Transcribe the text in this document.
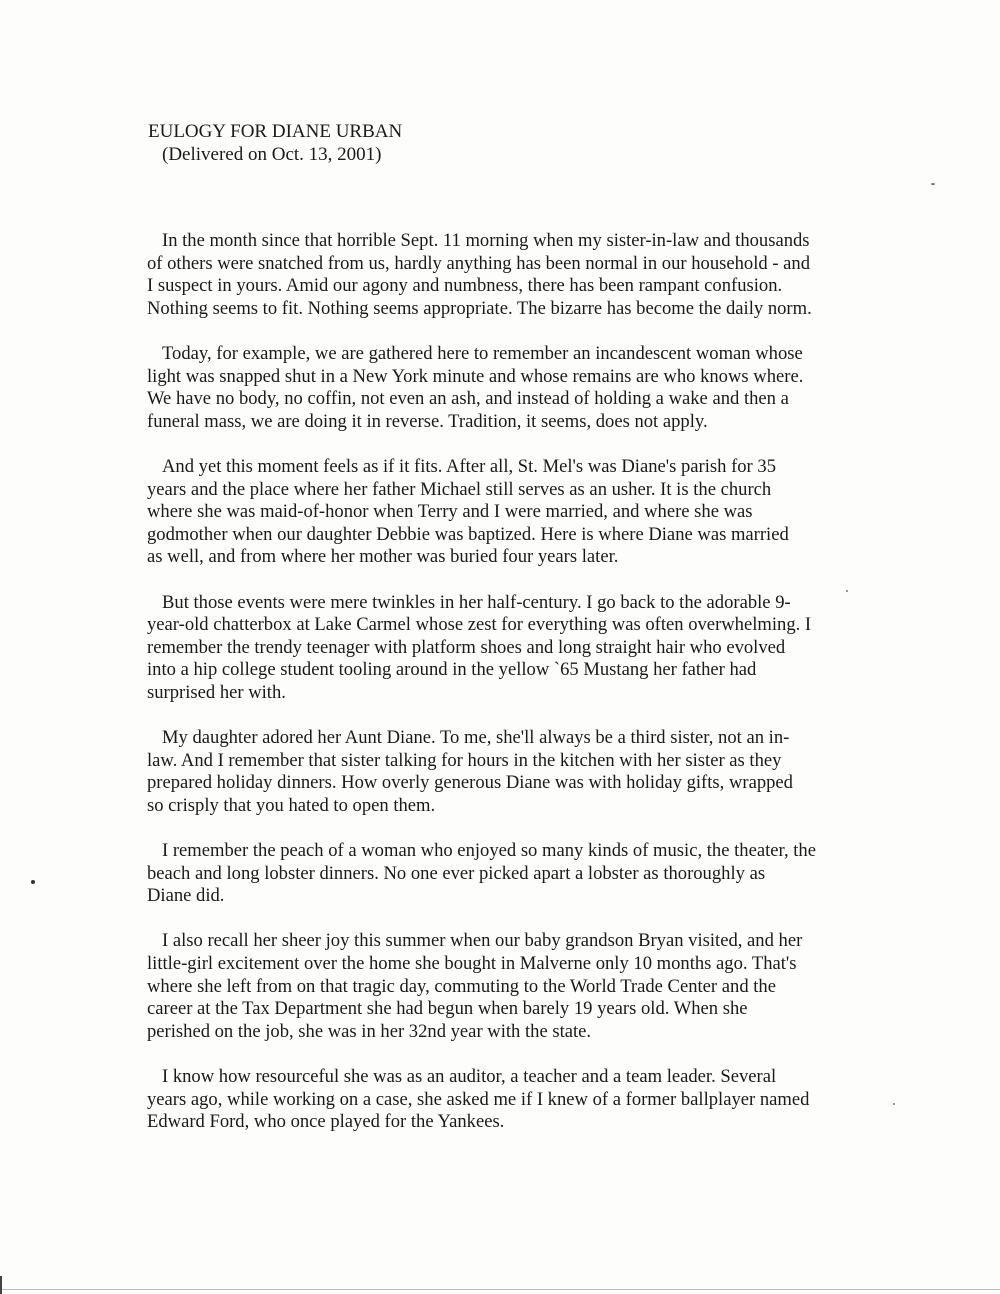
EULOGY FOR DIANE URBAN
(Delivered on Oct. 13, 2001)
In the month since that horrible Sept. 11 morning when my sister-in-law and thousands
of others were snatched from us, hardly anything has been normal in our household - and
I suspect in yours. Amid our agony and numbness, there has been rampant confusion.
Nothing seems to fit. Nothing seems appropriate. The bizarre has become the daily norm.
Today, for example, we are gathered here to remember an incandescent woman whose
light was snapped shut in a New York minute and whose remains are who knows where.
We have no body, no coffin, not even an ash, and instead of holding a wake and then a
funeral mass, we are doing it in reverse. Tradition, it seems, does not apply.
And yet this moment feels as if it fits. After all, St. Mel's was Diane's parish for 35
years and the place where her father Michael still serves as an usher. It is the church
where she was maid-of-honor when Terry and I were married, and where she was
godmother when our daughter Debbie was baptized. Here is where Diane was married
as well, and from where her mother was buried four years later.
But those events were mere twinkles in her half-century. I go back to the adorable 9-
year-old chatterbox at Lake Carmel whose zest for everything was often overwhelming. I
remember the trendy teenager with platform shoes and long straight hair who evolved
into a hip college student tooling around in the yellow `65 Mustang her father had
surprised her with.
My daughter adored her Aunt Diane. To me, she'll always be a third sister, not an in-
law. And I remember that sister talking for hours in the kitchen with her sister as they
prepared holiday dinners. How overly generous Diane was with holiday gifts, wrapped
so crisply that you hated to open them.
I remember the peach of a woman who enjoyed so many kinds of music, the theater, the
beach and long lobster dinners. No one ever picked apart a lobster as thoroughly as
Diane did.
I also recall her sheer joy this summer when our baby grandson Bryan visited, and her
little-girl excitement over the home she bought in Malverne only 10 months ago. That's
where she left from on that tragic day, commuting to the World Trade Center and the
career at the Tax Department she had begun when barely 19 years old. When she
perished on the job, she was in her 32nd year with the state.
I know how resourceful she was as an auditor, a teacher and a team leader. Several
years ago, while working on a case, she asked me if I knew of a former ballplayer named
Edward Ford, who once played for the Yankees.
